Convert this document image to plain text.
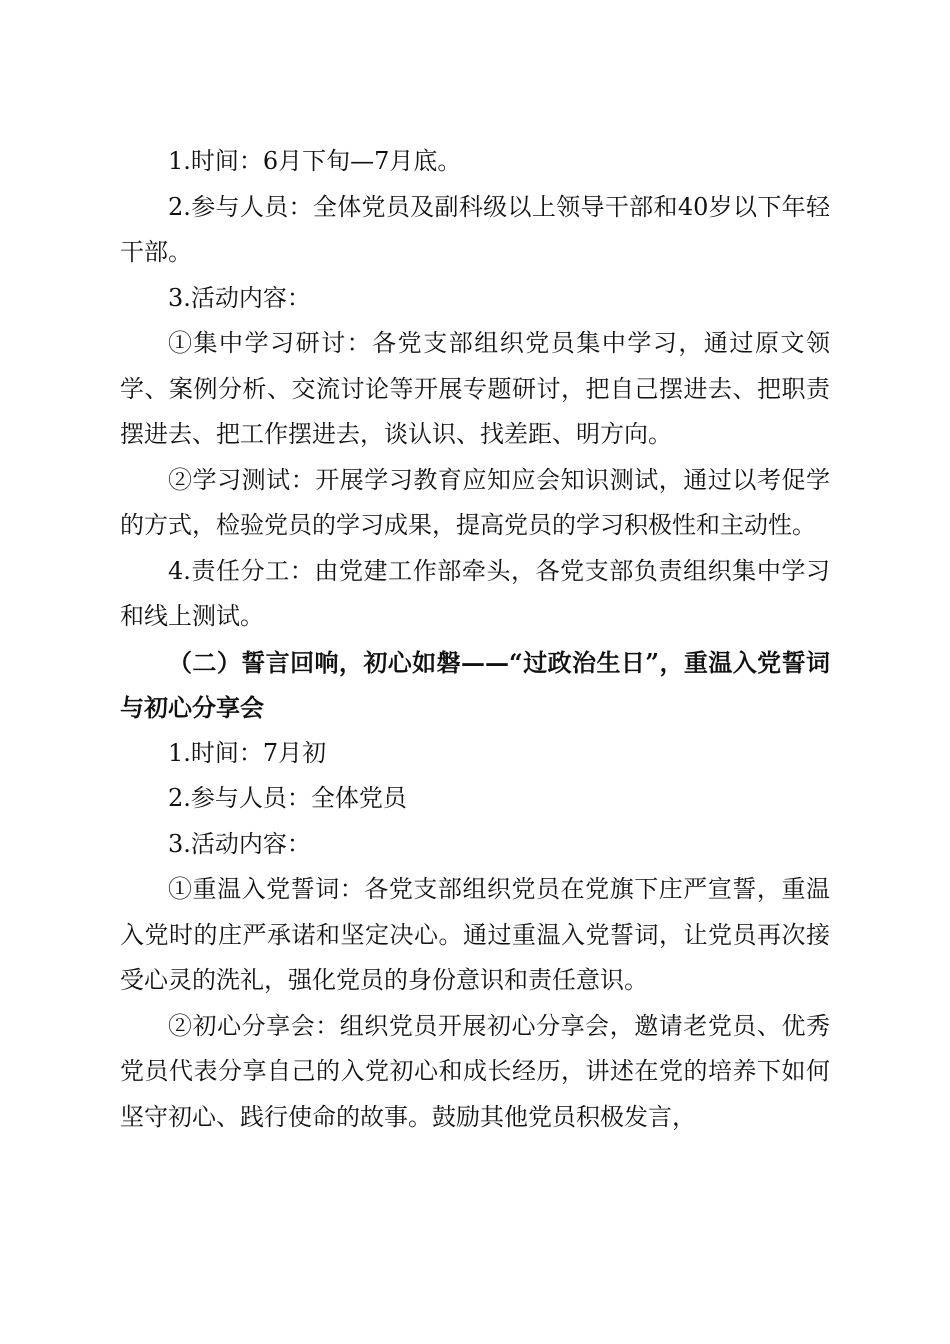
1.时间：6月下旬—7月底。

2.参与人员：全体党员及副科级以上领导干部和40岁以下年轻干部。

3.活动内容：

①集中学习研讨：各党支部组织党员集中学习，通过原文领学、案例分析、交流讨论等开展专题研讨，把自己摆进去、把职责摆进去、把工作摆进去，谈认识、找差距、明方向。

②学习测试：开展学习教育应知应会知识测试，通过以考促学的方式，检验党员的学习成果，提高党员的学习积极性和主动性。

4.责任分工：由党建工作部牵头，各党支部负责组织集中学习和线上测试。

（二）誓言回响，初心如磐——“过政治生日”，重温入党誓词与初心分享会

1.时间：7月初

2.参与人员：全体党员

3.活动内容：

①重温入党誓词：各党支部组织党员在党旗下庄严宣誓，重温入党时的庄严承诺和坚定决心。通过重温入党誓词，让党员再次接受心灵的洗礼，强化党员的身份意识和责任意识。

②初心分享会：组织党员开展初心分享会，邀请老党员、优秀党员代表分享自己的入党初心和成长经历，讲述在党的培养下如何坚守初心、践行使命的故事。鼓励其他党员积极发言，
